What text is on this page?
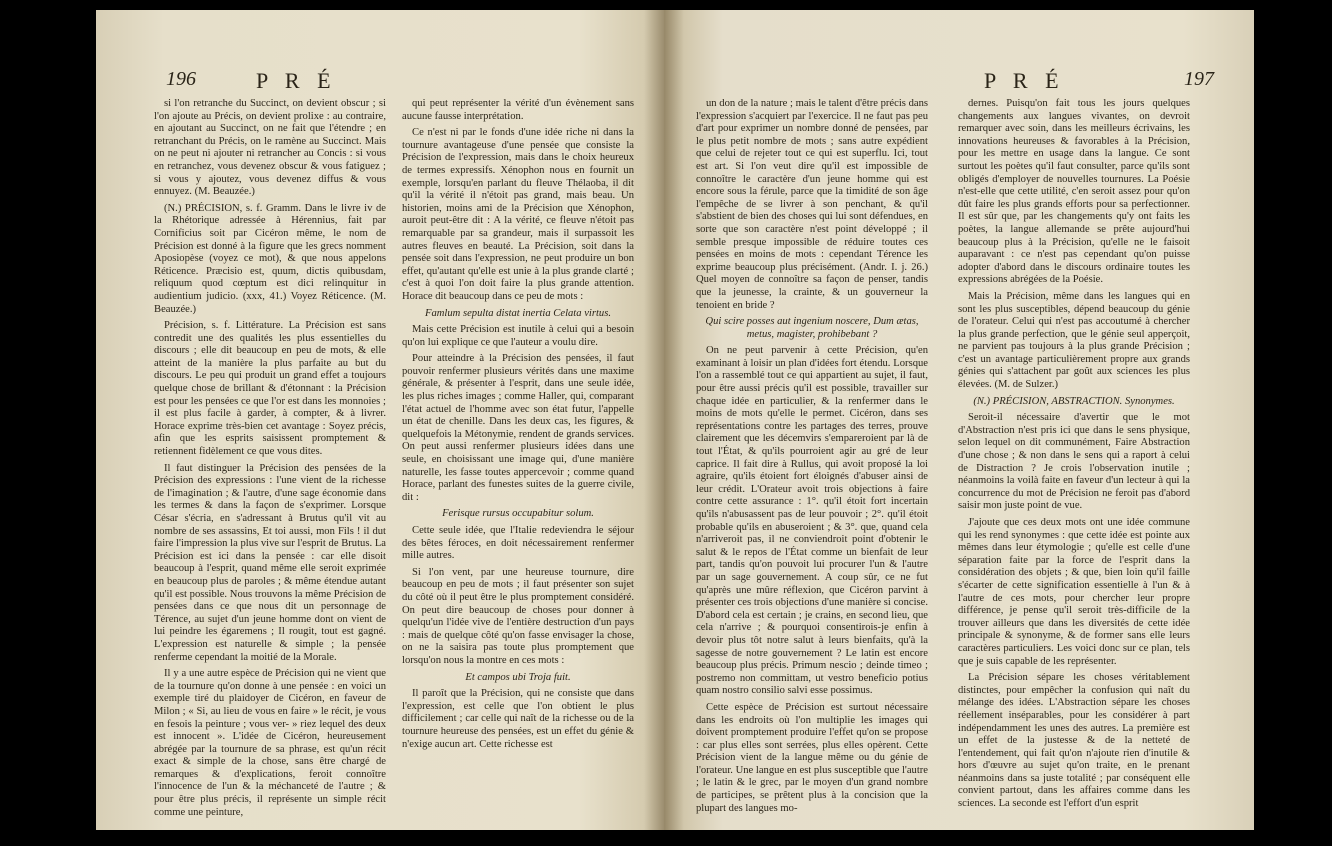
196	P R É

si l'on retranche du Succinct, on devient obscur ; si l'on ajoute au Précis, on devient prolixe : au contraire, en ajoutant au Succinct, on ne fait que l'étendre ; en retranchant du Précis, on le ramène au Succinct. Mais on ne peut ni ajouter ni retrancher au Concis : si vous en retranchez, vous devenez obscur & vous fatiguez ; si vous y ajoutez, vous devenez diffus & vous ennuyez. (M. Beauzée.)

(N.) PRÉCISION, s. f. Gramm. Dans le livre iv de la Rhétorique adressée à Hérennius, fait par Cornificius soit par Cicéron même, le nom de Précision est donné à la figure que les grecs nomment Aposiopèse (voyez ce mot), & que nous appelons Réticence. Præcisio est, quum, dictis quibusdam, reliquum quod cœptum est dici relinquitur in audientium judicio. (xxx, 41.) Voyez Réticence. (M. Beauzée.)

Précision, s. f. Littérature. La Précision est sans contredit une des qualités les plus essentielles du discours ; elle dit beaucoup en peu de mots, & elle atteint de la manière la plus parfaite au but du discours. Le peu qui produit un grand effet a toujours quelque chose de brillant & d'étonnant : la Précision est pour les pensées ce que l'or est dans les monnoies ; il est plus facile à garder, à compter, & à livrer. Horace exprime très-bien cet avantage : Soyez précis, afin que les esprits saisissent promptement & retiennent fidèlement ce que vous dites.

Il faut distinguer la Précision des pensées de la Précision des expressions : l'une vient de la richesse de l'imagination ; & l'autre, d'une sage économie dans les termes & dans la façon de s'exprimer. Lorsque César s'écria, en s'adressant à Brutus qu'il vit au nombre de ses assassins, Et toi aussi, mon Fils ! il dut faire l'impression la plus vive sur l'esprit de Brutus. La Précision est ici dans la pensée : car elle disoit beaucoup à l'esprit, quand même elle seroit exprimée en beaucoup plus de paroles ; & même étendue autant qu'il est possible. Nous trouvons la même Précision de pensées dans ce que nous dit un personnage de Térence, au sujet d'un jeune homme dont on vient de lui peindre les égaremens ; Il rougit, tout est gagné. L'expression est naturelle & simple ; la pensée renferme cependant la moitié de la Morale.

Il y a une autre espèce de Précision qui ne vient que de la tournure qu'on donne à une pensée : en voici un exemple tiré du plaidoyer de Cicéron, en faveur de Milon ; « Si, au lieu de vous en faire » le récit, je vous en fesois la peinture ; vous ver- » riez lequel des deux est innocent ». L'idée de Cicéron, heureusement abrégée par la tournure de sa phrase, est qu'un récit exact & simple de la chose, sans être chargé de remarques & d'explications, feroit connoître l'innocence de l'un & la méchanceté de l'autre ; & pour être plus précis, il représente un simple récit comme une peinture,

qui peut représenter la vérité d'un évènement sans aucune fausse interprétation.

Ce n'est ni par le fonds d'une idée riche ni dans la tournure avantageuse d'une pensée que consiste la Précision de l'expression, mais dans le choix heureux de termes expressifs. Xénophon nous en fournit un exemple, lorsqu'en parlant du fleuve Thélaoba, il dit qu'il la vérité il n'étoit pas grand, mais beau. Un historien, moins ami de la Précision que Xénophon, auroit peut-être dit : A la vérité, ce fleuve n'étoit pas remarquable par sa grandeur, mais il surpassoit les autres fleuves en beauté. La Précision, soit dans la pensée soit dans l'expression, ne peut produire un bon effet, qu'autant qu'elle est unie à la plus grande clarté ; c'est à quoi l'on doit faire la plus grande attention. Horace dit beaucoup dans ce peu de mots :

Famlum sepulta distat inertia Celata virtus.

Mais cette Précision est inutile à celui qui a besoin qu'on lui explique ce que l'auteur a voulu dire.

Pour atteindre à la Précision des pensées, il faut pouvoir renfermer plusieurs vérités dans une maxime générale, & présenter à l'esprit, dans une seule idée, les plus riches images ; comme Haller, qui, comparant l'état actuel de l'homme avec son état futur, l'appelle un état de chenille. Dans les deux cas, les figures, & quelquefois la Métonymie, rendent de grands services. On peut aussi renfermer plusieurs idées dans une seule, en choisissant une image qui, d'une manière naturelle, les fasse toutes appercevoir ; comme quand Horace, parlant des funestes suites de la guerre civile, dit :

Ferisque rursus occupabitur solum.

Cette seule idée, que l'Italie redeviendra le séjour des bêtes féroces, en doit nécessairement renfermer mille autres.

Si l'on vent, par une heureuse tournure, dire beaucoup en peu de mots ; il faut présenter son sujet du côté où il peut être le plus promptement considéré. On peut dire beaucoup de choses pour donner à quelqu'un l'idée vive de l'entière destruction d'un pays : mais de quelque côté qu'on fasse envisager la chose, on ne la saisira pas toute plus promptement que lorsqu'on nous la montre en ces mots :

Et campos ubi Troja fuit.

Il paroît que la Précision, qui ne consiste que dans l'expression, est celle que l'on obtient le plus difficilement ; car celle qui naît de la richesse ou de la tournure heureuse des pensées, est un effet du génie & n'exige aucun art. Cette richesse est

P R É	197

un don de la nature ; mais le talent d'être précis dans l'expression s'acquiert par l'exercice. Il ne faut pas peu d'art pour exprimer un nombre donné de pensées, par le plus petit nombre de mots ; sans autre expédient que celui de rejeter tout ce qui est superflu. Ici, tout est art. Si l'on veut dire qu'il est impossible de connoître le caractère d'un jeune homme qui est encore sous la férule, parce que la timidité de son âge l'empêche de se livrer à son penchant, & qu'il s'abstient de bien des choses qui lui sont défendues, en sorte que son caractère n'est point développé ; il semble presque impossible de réduire toutes ces pensées en moins de mots : cependant Térence les exprime beaucoup plus précisément. (Andr. I. j. 26.) Quel moyen de connoître sa façon de penser, tandis que la jeunesse, la crainte, & un gouverneur la tenoient en bride ?

Qui scire posses aut ingenium noscere, Dum ætas, metus, magister, prohibebant ?

On ne peut parvenir à cette Précision, qu'en examinant à loisir un plan d'idées fort étendu. Lorsque l'on a rassemblé tout ce qui appartient au sujet, il faut, pour être aussi précis qu'il est possible, travailler sur chaque idée en particulier, & la renfermer dans le moins de mots qu'elle le permet. Cicéron, dans ses représentations contre les partages des terres, prouve clairement que les décemvirs s'empareroient par là de tout l'État, & qu'ils pourroient agir au gré de leur caprice. Il fait dire à Rullus, qui avoit proposé la loi agraire, qu'ils étoient fort éloignés d'abuser ainsi de leur crédit. L'Orateur avoit trois objections à faire contre cette assurance : 1°. qu'il étoit fort incertain qu'ils n'abusassent pas de leur pouvoir ; 2°. qu'il étoit probable qu'ils en abuseroient ; & 3°. que, quand cela n'arriveroit pas, il ne conviendroit point d'obtenir le salut & le repos de l'État comme un bienfait de leur part, tandis qu'on pouvoit lui procurer l'un & l'autre par un sage gouvernement. A coup sûr, ce ne fut qu'après une mûre réflexion, que Cicéron parvint à présenter ces trois objections d'une manière si concise. D'abord cela est certain ; je crains, en second lieu, que cela n'arrive ; & pourquoi consentirois-je enfin à devoir plus tôt notre salut à leurs bienfaits, qu'à la sagesse de notre gouvernement ? Le latin est encore beaucoup plus précis. Primum nescio ; deinde timeo ; postremo non committam, ut vestro beneficio potius quam nostro consilio salvi esse possimus.

Cette espèce de Précision est surtout nécessaire dans les endroits où l'on multiplie les images qui doivent promptement produire l'effet qu'on se propose : car plus elles sont serrées, plus elles opèrent. Cette Précision vient de la langue même ou du génie de l'orateur. Une langue en est plus susceptible que l'autre ; le latin & le grec, par le moyen d'un grand nombre de participes, se prêtent plus à la concision que la plupart des langues mo-

dernes. Puisqu'on fait tous les jours quelques changements aux langues vivantes, on devroit remarquer avec soin, dans les meilleurs écrivains, les innovations heureuses & favorables à la Précision, pour les mettre en usage dans la langue. Ce sont surtout les poètes qu'il faut consulter, parce qu'ils sont obligés d'employer de nouvelles tournures. La Poésie n'est-elle que cette utilité, c'en seroit assez pour qu'on dût faire les plus grands efforts pour sa perfectionner. Il est sûr que, par les changements qu'y ont faits les poètes, la langue allemande se prête aujourd'hui beaucoup plus à la Précision, qu'elle ne le faisoit auparavant : ce n'est pas cependant qu'on puisse adopter d'abord dans le discours ordinaire toutes les expressions abrégées de la Poésie.

Mais la Précision, même dans les langues qui en sont les plus susceptibles, dépend beaucoup du génie de l'orateur. Celui qui n'est pas accoutumé à chercher la plus grande perfection, que le génie seul apperçoit, ne parvient pas toujours à la plus grande Précision ; c'est un avantage particulièrement propre aux grands génies qui s'attachent par goût aux sciences les plus élevées. (M. de Sulzer.)

(N.) PRÉCISION, ABSTRACTION. Synonymes.

Seroit-il nécessaire d'avertir que le mot d'Abstraction n'est pris ici que dans le sens physique, selon lequel on dit communément, Faire Abstraction d'une chose ; & non dans le sens qui a raport à celui de Distraction ? Je crois l'observation inutile ; néanmoins la voilà faite en faveur d'un lecteur à qui la concurrence du mot de Précision ne feroit pas d'abord saisir mon juste point de vue.

J'ajoute que ces deux mots ont une idée commune qui les rend synonymes : que cette idée est pointe aux mêmes dans leur étymologie ; qu'elle est celle d'une séparation faite par la force de l'esprit dans la considération des objets ; & que, bien loin qu'il faille s'écarter de cette signification essentielle à l'un & à l'autre de ces mots, pour chercher leur propre différence, je pense qu'il seroit très-difficile de la trouver ailleurs que dans les diversités de cette idée principale & synonyme, & de former sans elle leurs caractères particuliers. Les voici donc sur ce plan, tels que je suis capable de les représenter.

La Précision sépare les choses véritablement distinctes, pour empêcher la confusion qui naît du mélange des idées. L'Abstraction sépare les choses réellement inséparables, pour les considérer à part indépendamment les unes des autres. La première est un effet de la justesse & de la netteté de l'entendement, qui fait qu'on n'ajoute rien d'inutile & hors d'œuvre au sujet qu'on traite, en le prenant néanmoins dans sa juste totalité ; par conséquent elle convient partout, dans les affaires comme dans les sciences. La seconde est l'effort d'un esprit
